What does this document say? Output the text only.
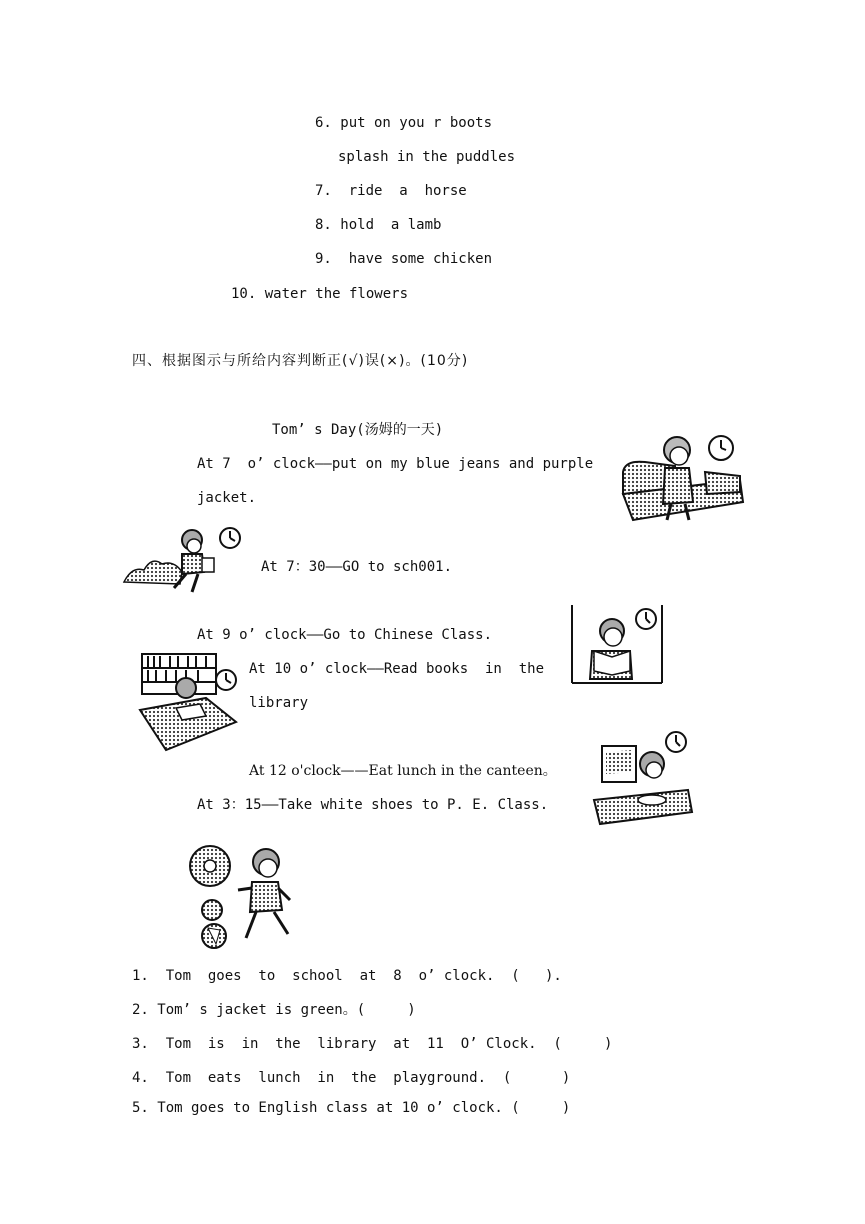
6. put on you r boots
splash in the puddles
7.  ride  a  horse
8. hold  a lamb
9.  have some chicken
10. water the flowers
四、根据图示与所给内容判断正(√)误(×)。(10分)
Tom’ s Day(汤姆的一天)
At 7  o’ clock——put on my blue jeans and purple
jacket.
At 7：30——GO to sch001.
At 9 o’ clock——Go to Chinese Class.
At 10 o’ clock——Read books  in  the
library
At 12 o'clock——Eat lunch in the canteen。
At 3：15——Take white shoes to P. E. Class.
1.  Tom  goes  to  school  at  8  o’ clock.  (   ).
2. Tom’ s jacket is green。(     )
3.  Tom  is  in  the  library  at  11  O’ Clock.  (     )
4.  Tom  eats  lunch  in  the  playground.  (      )
5. Tom goes to English class at 10 o’ clock. (     )
